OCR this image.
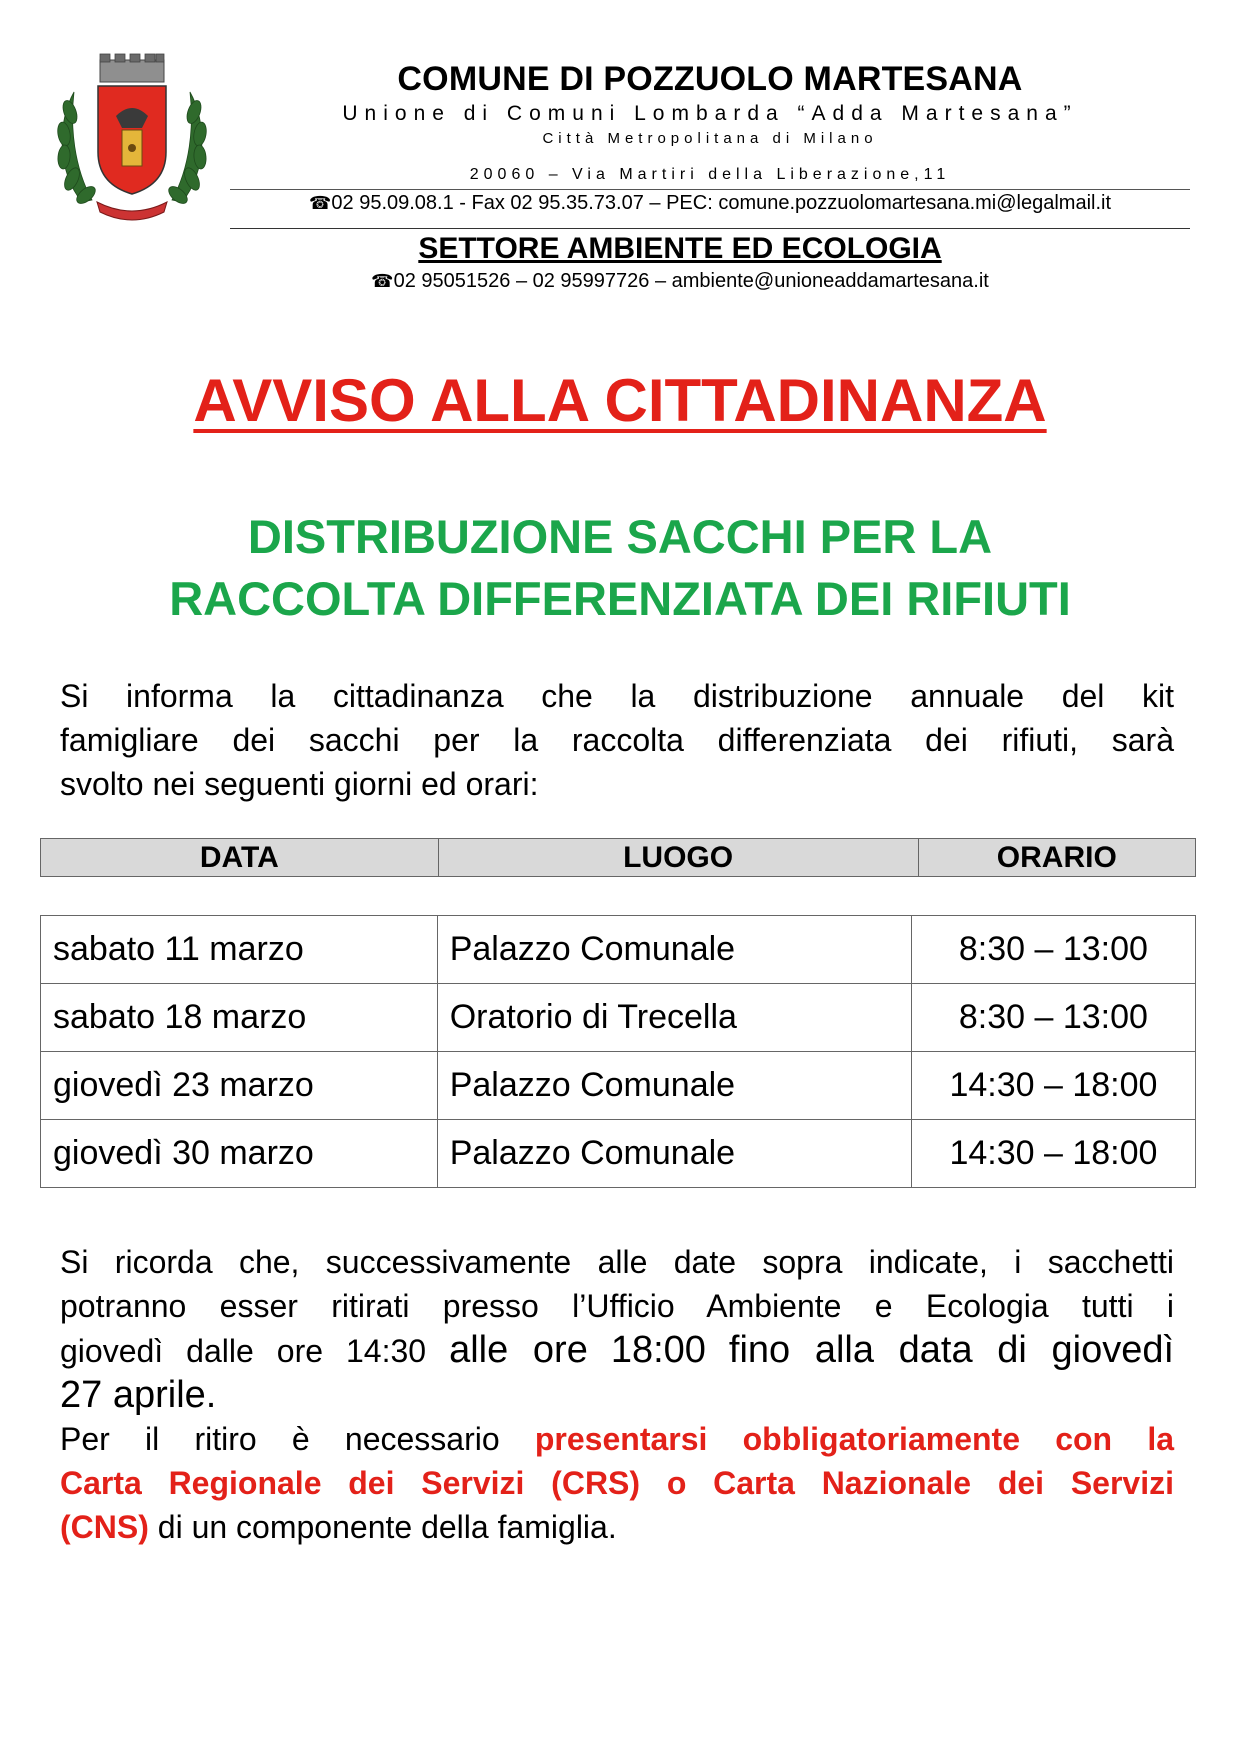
COMUNE DI POZZUOLO MARTESANA
Unione di Comuni Lombarda “Adda Martesana”
Città Metropolitana di Milano
20060 – Via Martiri della Liberazione,11
☎02 95.09.08.1 - Fax 02 95.35.73.07 – PEC: comune.pozzuolomartesana.mi@legalmail.it
SETTORE AMBIENTE ED ECOLOGIA
☎02 95051526 – 02 95997726 – ambiente@unioneaddamartesana.it
AVVISO ALLA CITTADINANZA
DISTRIBUZIONE SACCHI PER LA
RACCOLTA DIFFERENZIATA DEI RIFIUTI
Si informa la cittadinanza che la distribuzione annuale del kit
famigliare dei sacchi per la raccolta differenziata dei rifiuti, sarà
svolto nei seguenti giorni ed orari:
DATA	LUOGO	ORARIO
sabato 11 marzo	Palazzo Comunale	8:30 – 13:00
sabato 18 marzo	Oratorio di Trecella	8:30 – 13:00
giovedì 23 marzo	Palazzo Comunale	14:30 – 18:00
giovedì 30 marzo	Palazzo Comunale	14:30 – 18:00
Si ricorda che, successivamente alle date sopra indicate, i sacchetti
potranno esser ritirati presso l’Ufficio Ambiente e Ecologia tutti i
giovedì dalle ore 14:30 alle ore 18:00 fino alla data di giovedì
27 aprile.
Per il ritiro è necessario presentarsi obbligatoriamente con la
Carta Regionale dei Servizi (CRS) o Carta Nazionale dei Servizi
(CNS) di un componente della famiglia.
